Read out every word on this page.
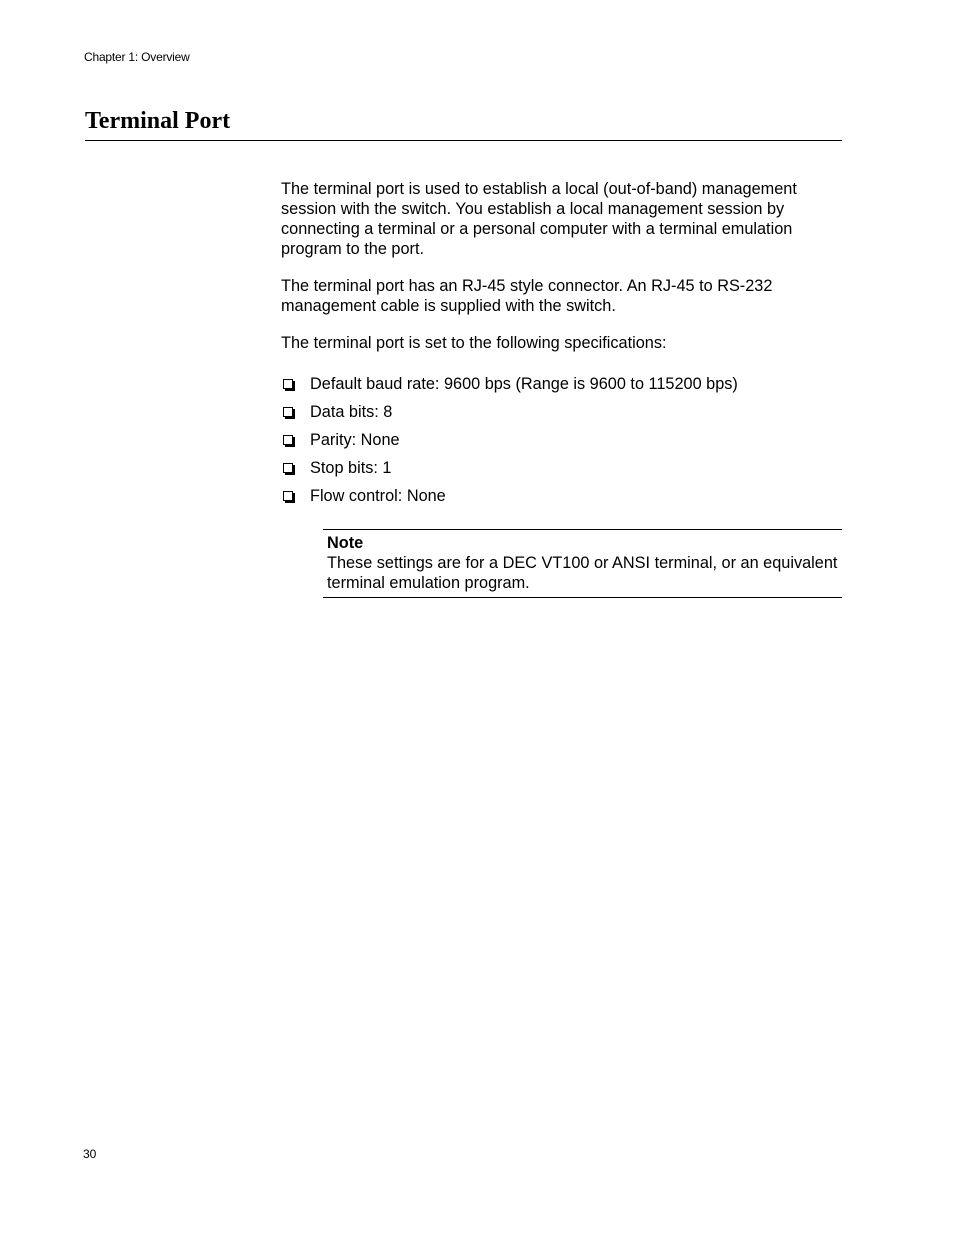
Chapter 1: Overview
Terminal Port

The terminal port is used to establish a local (out-of-band) management session with the switch. You establish a local management session by connecting a terminal or a personal computer with a terminal emulation program to the port.

The terminal port has an RJ-45 style connector. An RJ-45 to RS-232 management cable is supplied with the switch.

The terminal port is set to the following specifications:

Default baud rate: 9600 bps (Range is 9600 to 115200 bps)
Data bits: 8
Parity: None
Stop bits: 1
Flow control: None
Note
These settings are for a DEC VT100 or ANSI terminal, or an equivalent terminal emulation program.
30
